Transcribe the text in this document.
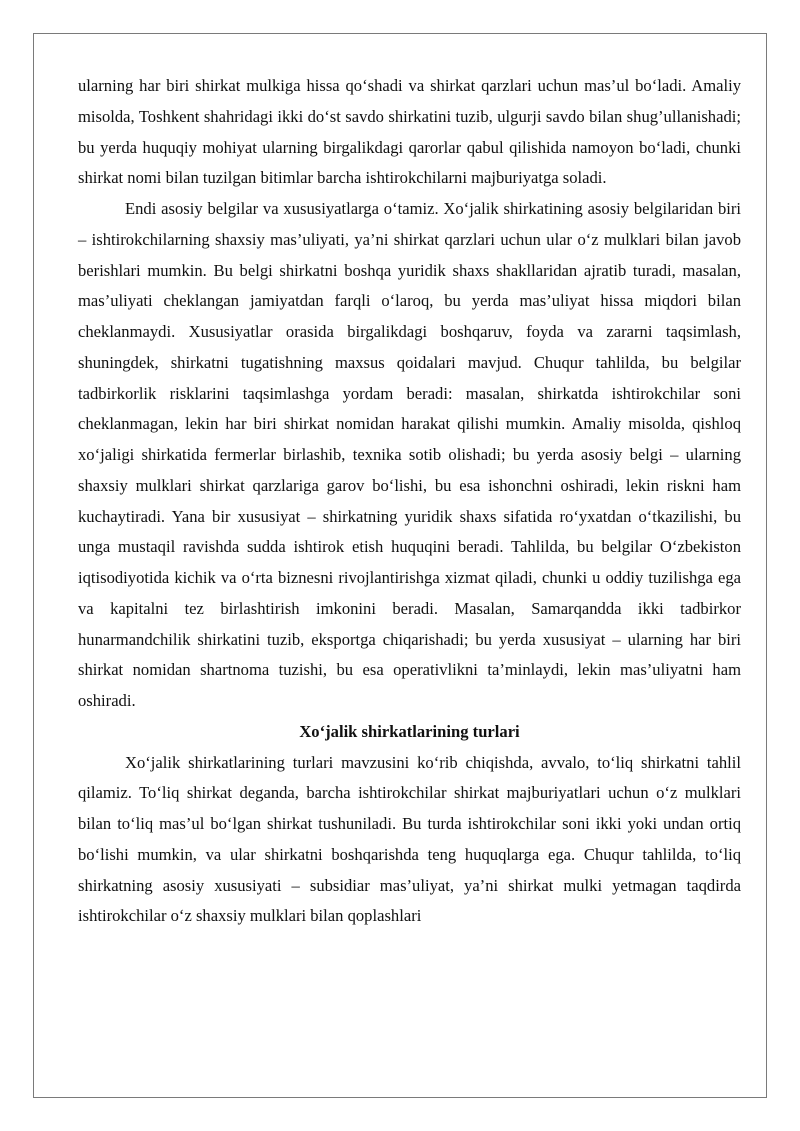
ularning har biri shirkat mulkiga hissa qo‘shadi va shirkat qarzlari uchun mas’ul bo‘ladi. Amaliy misolda, Toshkent shahridagi ikki do‘st savdo shirkatini tuzib, ulgurji savdo bilan shug’ullanishadi; bu yerda huquqiy mohiyat ularning birgalikdagi qarorlar qabul qilishida namoyon bo‘ladi, chunki shirkat nomi bilan tuzilgan bitimlar barcha ishtirokchilarni majburiyatga soladi.

Endi asosiy belgilar va xususiyatlarga o‘tamiz. Xo‘jalik shirkatining asosiy belgilaridan biri – ishtirokchilarning shaxsiy mas’uliyati, ya’ni shirkat qarzlari uchun ular o‘z mulklari bilan javob berishlari mumkin. Bu belgi shirkatni boshqa yuridik shaxs shakllaridan ajratib turadi, masalan, mas’uliyati cheklangan jamiyatdan farqli o‘laroq, bu yerda mas’uliyat hissa miqdori bilan cheklanmaydi. Xususiyatlar orasida birgalikdagi boshqaruv, foyda va zararni taqsimlash, shuningdek, shirkatni tugatishning maxsus qoidalari mavjud. Chuqur tahlilda, bu belgilar tadbirkorlik risklarini taqsimlashga yordam beradi: masalan, shirkatda ishtirokchilar soni cheklanmagan, lekin har biri shirkat nomidan harakat qilishi mumkin. Amaliy misolda, qishloq xo‘jaligi shirkatida fermerlar birlashib, texnika sotib olishadi; bu yerda asosiy belgi – ularning shaxsiy mulklari shirkat qarzlariga garov bo‘lishi, bu esa ishonchni oshiradi, lekin riskni ham kuchaytiradi. Yana bir xususiyat – shirkatning yuridik shaxs sifatida ro‘yxatdan o‘tkazilishi, bu unga mustaqil ravishda sudda ishtirok etish huquqini beradi. Tahlilda, bu belgilar O‘zbekiston iqtisodiyotida kichik va o‘rta biznesni rivojlantirishga xizmat qiladi, chunki u oddiy tuzilishga ega va kapitalni tez birlashtirish imkonini beradi. Masalan, Samarqandda ikki tadbirkor hunarmandchilik shirkatini tuzib, eksportga chiqarishadi; bu yerda xususiyat – ularning har biri shirkat nomidan shartnoma tuzishi, bu esa operativlikni ta’minlaydi, lekin mas’uliyatni ham oshiradi.

Xo‘jalik shirkatlarining turlari

Xo‘jalik shirkatlarining turlari mavzusini ko‘rib chiqishda, avvalo, to‘liq shirkatni tahlil qilamiz. To‘liq shirkat deganda, barcha ishtirokchilar shirkat majburiyatlari uchun o‘z mulklari bilan to‘liq mas’ul bo‘lgan shirkat tushuniladi. Bu turda ishtirokchilar soni ikki yoki undan ortiq bo‘lishi mumkin, va ular shirkatni boshqarishda teng huquqlarga ega. Chuqur tahlilda, to‘liq shirkatning asosiy xususiyati – subsidiar mas’uliyat, ya’ni shirkat mulki yetmagan taqdirda ishtirokchilar o‘z shaxsiy mulklari bilan qoplashlari
